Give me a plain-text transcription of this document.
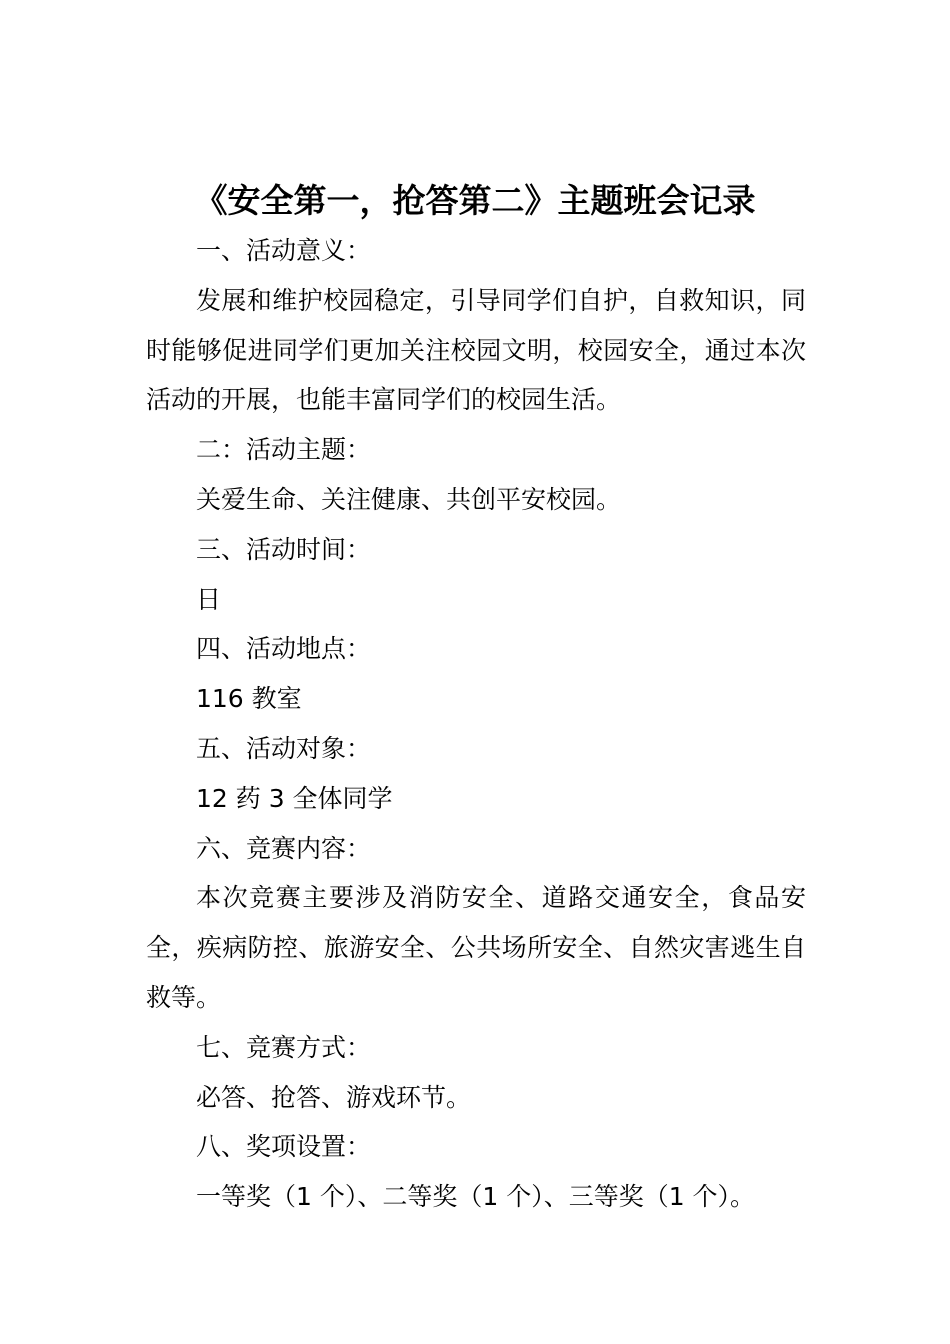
《安全第一，抢答第二》主题班会记录

一、活动意义：

发展和维护校园稳定，引导同学们自护，自救知识，同时能够促进同学们更加关注校园文明，校园安全，通过本次活动的开展，也能丰富同学们的校园生活。

二：活动主题：

关爱生命、关注健康、共创平安校园。

三、活动时间：

日

四、活动地点：

116 教室

五、活动对象：

12 药 3 全体同学

六、竞赛内容：

本次竞赛主要涉及消防安全、道路交通安全，食品安全，疾病防控、旅游安全、公共场所安全、自然灾害逃生自救等。

七、竞赛方式：

必答、抢答、游戏环节。

八、奖项设置：

一等奖（1 个）、二等奖（1 个）、三等奖（1 个）。
